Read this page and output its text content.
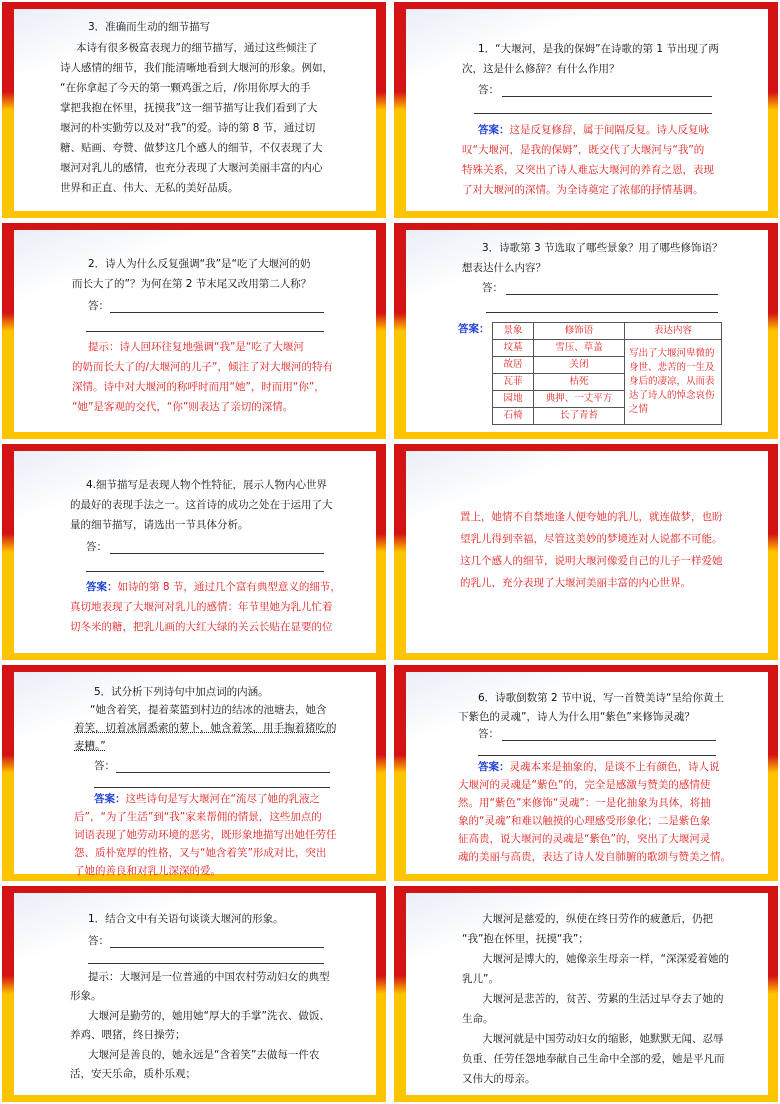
3．准确而生动的细节描写
本诗有很多极富表现力的细节描写，通过这些倾注了
诗人感情的细节，我们能清晰地看到大堰河的形象。例如，
“在你拿起了今天的第一颗鸡蛋之后，/你用你厚大的手
掌把我抱在怀里，抚摸我”这一细节描写让我们看到了大
堰河的朴实勤劳以及对“我”的爱。诗的第 8 节，通过切
糖、贴画、夸赞、做梦这几个感人的细节，不仅表现了大
堰河对乳儿的感情，也充分表现了大堰河美丽丰富的内心
世界和正直、伟大、无私的美好品质。
1．“大堰河，是我的保姆”在诗歌的第 1 节出现了两
次，这是什么修辞？有什么作用？
答：
答案：这是反复修辞，属于间隔反复。诗人反复咏
叹“大堰河，是我的保姆”，既交代了大堰河与“我”的
特殊关系，又突出了诗人难忘大堰河的养育之恩，表现
了对大堰河的深情。为全诗奠定了浓郁的抒情基调。
2．诗人为什么反复强调“我”是“吃了大堰河的奶
而长大了的”？为何在第 2 节末尾又改用第二人称？
答：
提示：诗人回环往复地强调“我”是“吃了大堰河
的奶而长大了的/大堰河的儿子”，倾注了对大堰河的特有
深情。诗中对大堰河的称呼时而用“她”，时而用“你”，
“她”是客观的交代，“你”则表达了亲切的深情。
3．诗歌第 3 节选取了哪些景象？用了哪些修饰语？
想表达什么内容？
答：
答案： 景象	修饰语	表达内容
坟墓	雪压、草盖	写出了大堰河卑微的身世、悲苦的一生及身后的凄凉，从而表达了诗人的悼念哀伤之情
故居	关闭	
瓦菲	枯死	
园地	典押、一丈平方	
石椅	长了青苔	
4.细节描写是表现人物个性特征，展示人物内心世界
的最好的表现手法之一。这首诗的成功之处在于运用了大
量的细节描写，请选出一节具体分析。
答：
答案：如诗的第 8 节，通过几个富有典型意义的细节，
真切地表现了大堰河对乳儿的感情：年节里她为乳儿忙着
切冬米的糖，把乳儿画的大红大绿的关云长贴在显要的位
置上，她情不自禁地逢人便夸她的乳儿，就连做梦，也盼
望乳儿得到幸福，尽管这美妙的梦境连对人说都不可能。
这几个感人的细节，说明大堰河像爱自己的儿子一样爱她
的乳儿，充分表现了大堰河美丽丰富的内心世界。
5．试分析下列诗句中加点词的内涵。
“她含着笑，提着菜篮到村边的结冰的池塘去，她含
着笑，切着冰屑悉索的萝卜，她含着笑，用手掏着猪吃的
麦糟。”
答：
答案：这些诗句是写大堰河在“流尽了她的乳液之
后”，“为了生活”到“我”家来帮佣的情景，这些加点的
词语表现了她劳动环境的恶劣，既形象地描写出她任劳任
怨、质朴宽厚的性格，又与“她含着笑”形成对比，突出
了她的善良和对乳儿深深的爱。
6．诗歌倒数第 2 节中说，写一首赞美诗“呈给你黄土
下紫色的灵魂”，诗人为什么用“紫色”来修饰灵魂？
答：
答案：灵魂本来是抽象的，是谈不上有颜色，诗人说
大堰河的灵魂是“紫色”的，完全是感激与赞美的感情使
然。用“紫色”来修饰“灵魂”：一是化抽象为具体，将抽
象的“灵魂”和难以触摸的心理感受形象化；二是紫色象
征高贵，说大堰河的灵魂是“紫色”的，突出了大堰河灵
魂的美丽与高贵，表达了诗人发自肺腑的歌颂与赞美之情。
1．结合文中有关语句谈谈大堰河的形象。
答：
提示：大堰河是一位普通的中国农村劳动妇女的典型
形象。
大堰河是勤劳的，她用她“厚大的手掌”洗衣、做饭、
养鸡、喂猪，终日操劳；
大堰河是善良的，她永远是“含着笑”去做每一件农
活，安天乐命，质朴乐观；
大堰河是慈爱的，纵使在终日劳作的疲惫后，仍把
“我”抱在怀里，抚摸“我”；
大堰河是博大的，她像亲生母亲一样，“深深爱着她的
乳儿”。
大堰河是悲苦的，贫苦、劳累的生活过早夺去了她的
生命。
大堰河就是中国劳动妇女的缩影，她默默无闻、忍辱
负重、任劳任怨地奉献自己生命中全部的爱，她是平凡而
又伟大的母亲。
